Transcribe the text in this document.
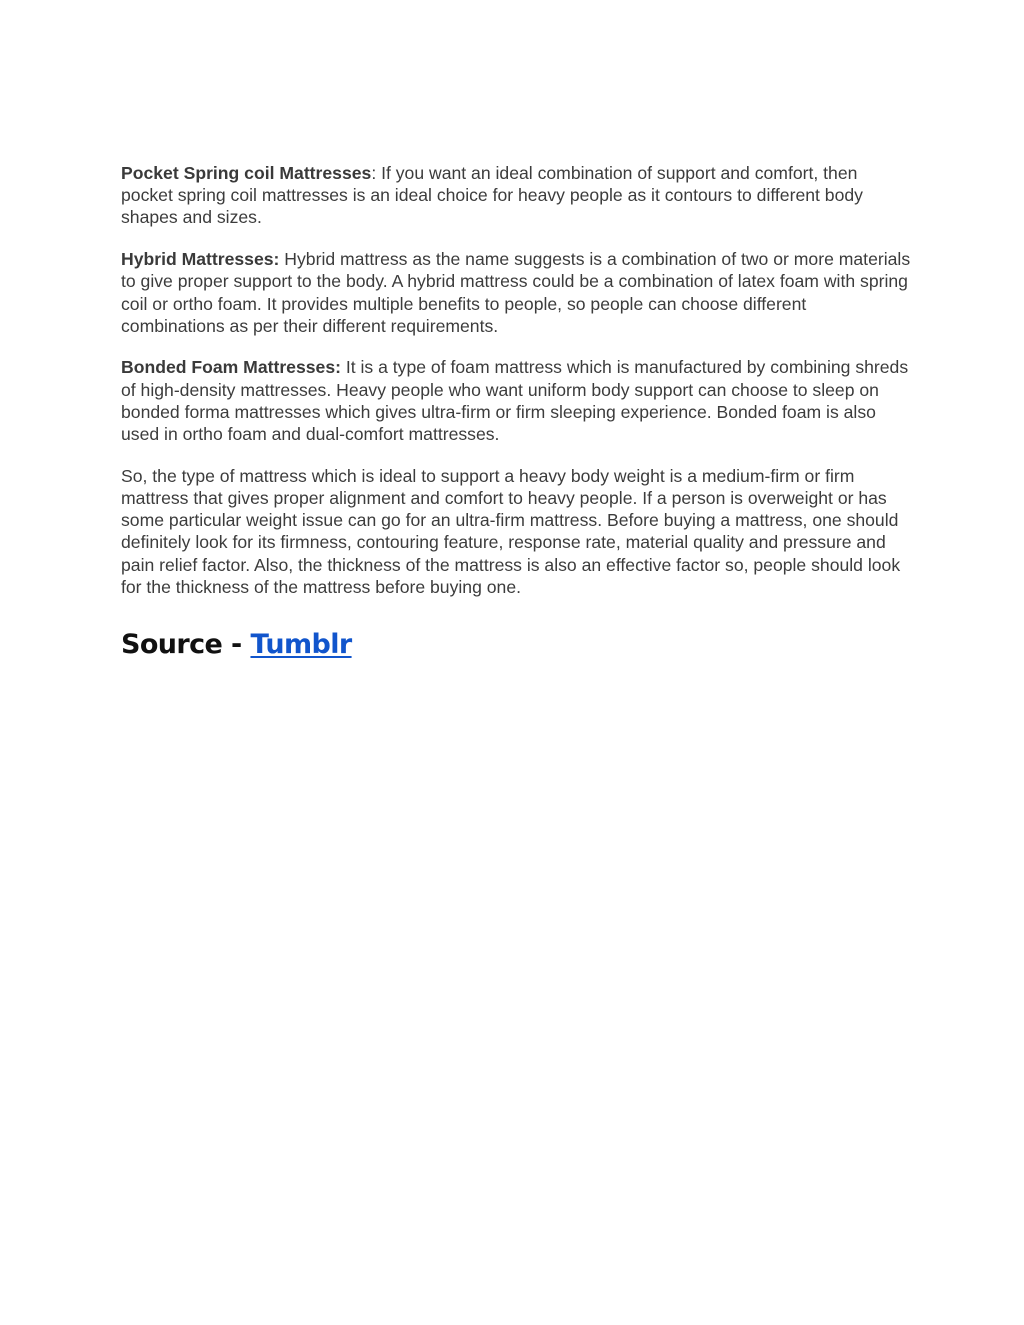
Pocket Spring coil Mattresses: If you want an ideal combination of support and comfort, then pocket spring coil mattresses is an ideal choice for heavy people as it contours to different body shapes and sizes.

Hybrid Mattresses: Hybrid mattress as the name suggests is a combination of two or more materials to give proper support to the body. A hybrid mattress could be a combination of latex foam with spring coil or ortho foam. It provides multiple benefits to people, so people can choose different combinations as per their different requirements.

Bonded Foam Mattresses: It is a type of foam mattress which is manufactured by combining shreds of high-density mattresses. Heavy people who want uniform body support can choose to sleep on bonded forma mattresses which gives ultra-firm or firm sleeping experience. Bonded foam is also used in ortho foam and dual-comfort mattresses.

So, the type of mattress which is ideal to support a heavy body weight is a medium-firm or firm mattress that gives proper alignment and comfort to heavy people. If a person is overweight or has some particular weight issue can go for an ultra-firm mattress. Before buying a mattress, one should definitely look for its firmness, contouring feature, response rate, material quality and pressure and pain relief factor. Also, the thickness of the mattress is also an effective factor so, people should look for the thickness of the mattress before buying one.

Source - Tumblr
